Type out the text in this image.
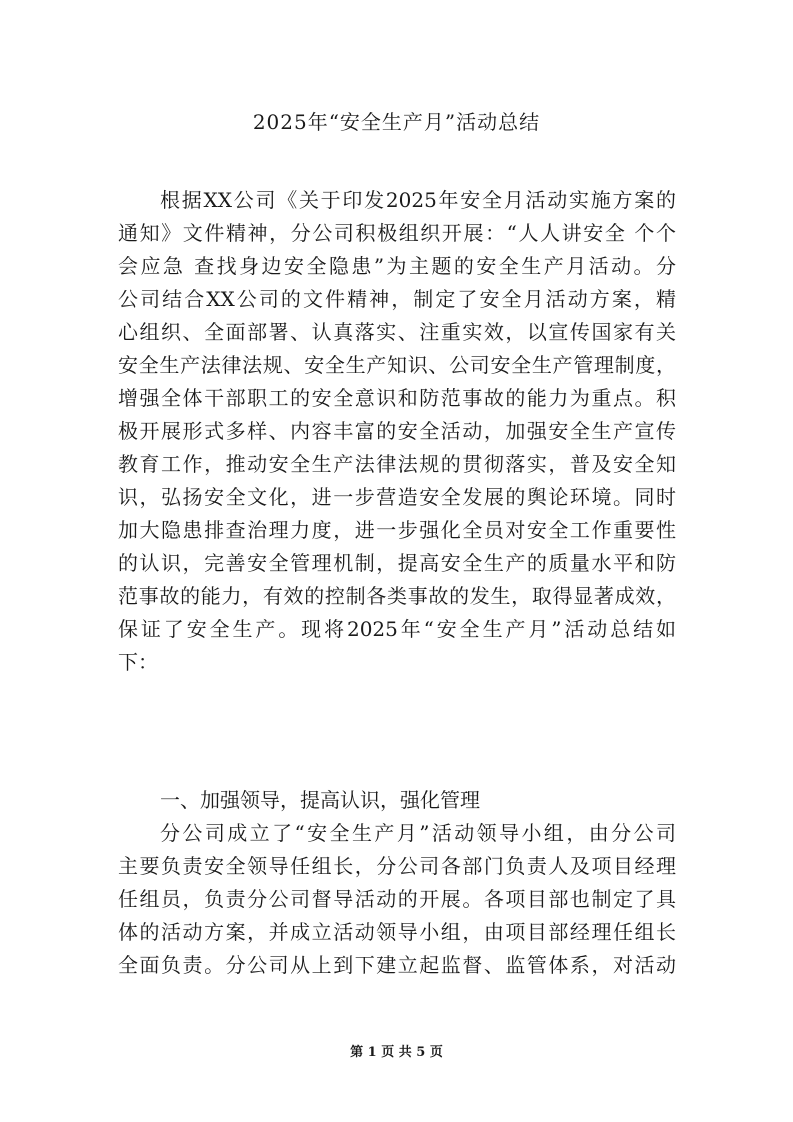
2025年“安全生产月”活动总结
根据XX公司《关于印发2025年安全月活动实施方案的
通知》文件精神，分公司积极组织开展：“人人讲安全 个个
会应急 查找身边安全隐患”为主题的安全生产月活动。分
公司结合XX公司的文件精神，制定了安全月活动方案，精
心组织、全面部署、认真落实、注重实效，以宣传国家有关
安全生产法律法规、安全生产知识、公司安全生产管理制度，
增强全体干部职工的安全意识和防范事故的能力为重点。积
极开展形式多样、内容丰富的安全活动，加强安全生产宣传
教育工作，推动安全生产法律法规的贯彻落实，普及安全知
识，弘扬安全文化，进一步营造安全发展的舆论环境。同时
加大隐患排查治理力度，进一步强化全员对安全工作重要性
的认识，完善安全管理机制，提高安全生产的质量水平和防
范事故的能力，有效的控制各类事故的发生，取得显著成效，
保证了安全生产。现将2025年“安全生产月”活动总结如
下：
一、加强领导，提高认识，强化管理
分公司成立了“安全生产月”活动领导小组，由分公司
主要负责安全领导任组长，分公司各部门负责人及项目经理
任组员，负责分公司督导活动的开展。各项目部也制定了具
体的活动方案，并成立活动领导小组，由项目部经理任组长
全面负责。分公司从上到下建立起监督、监管体系，对活动
第 1 页 共 5 页
